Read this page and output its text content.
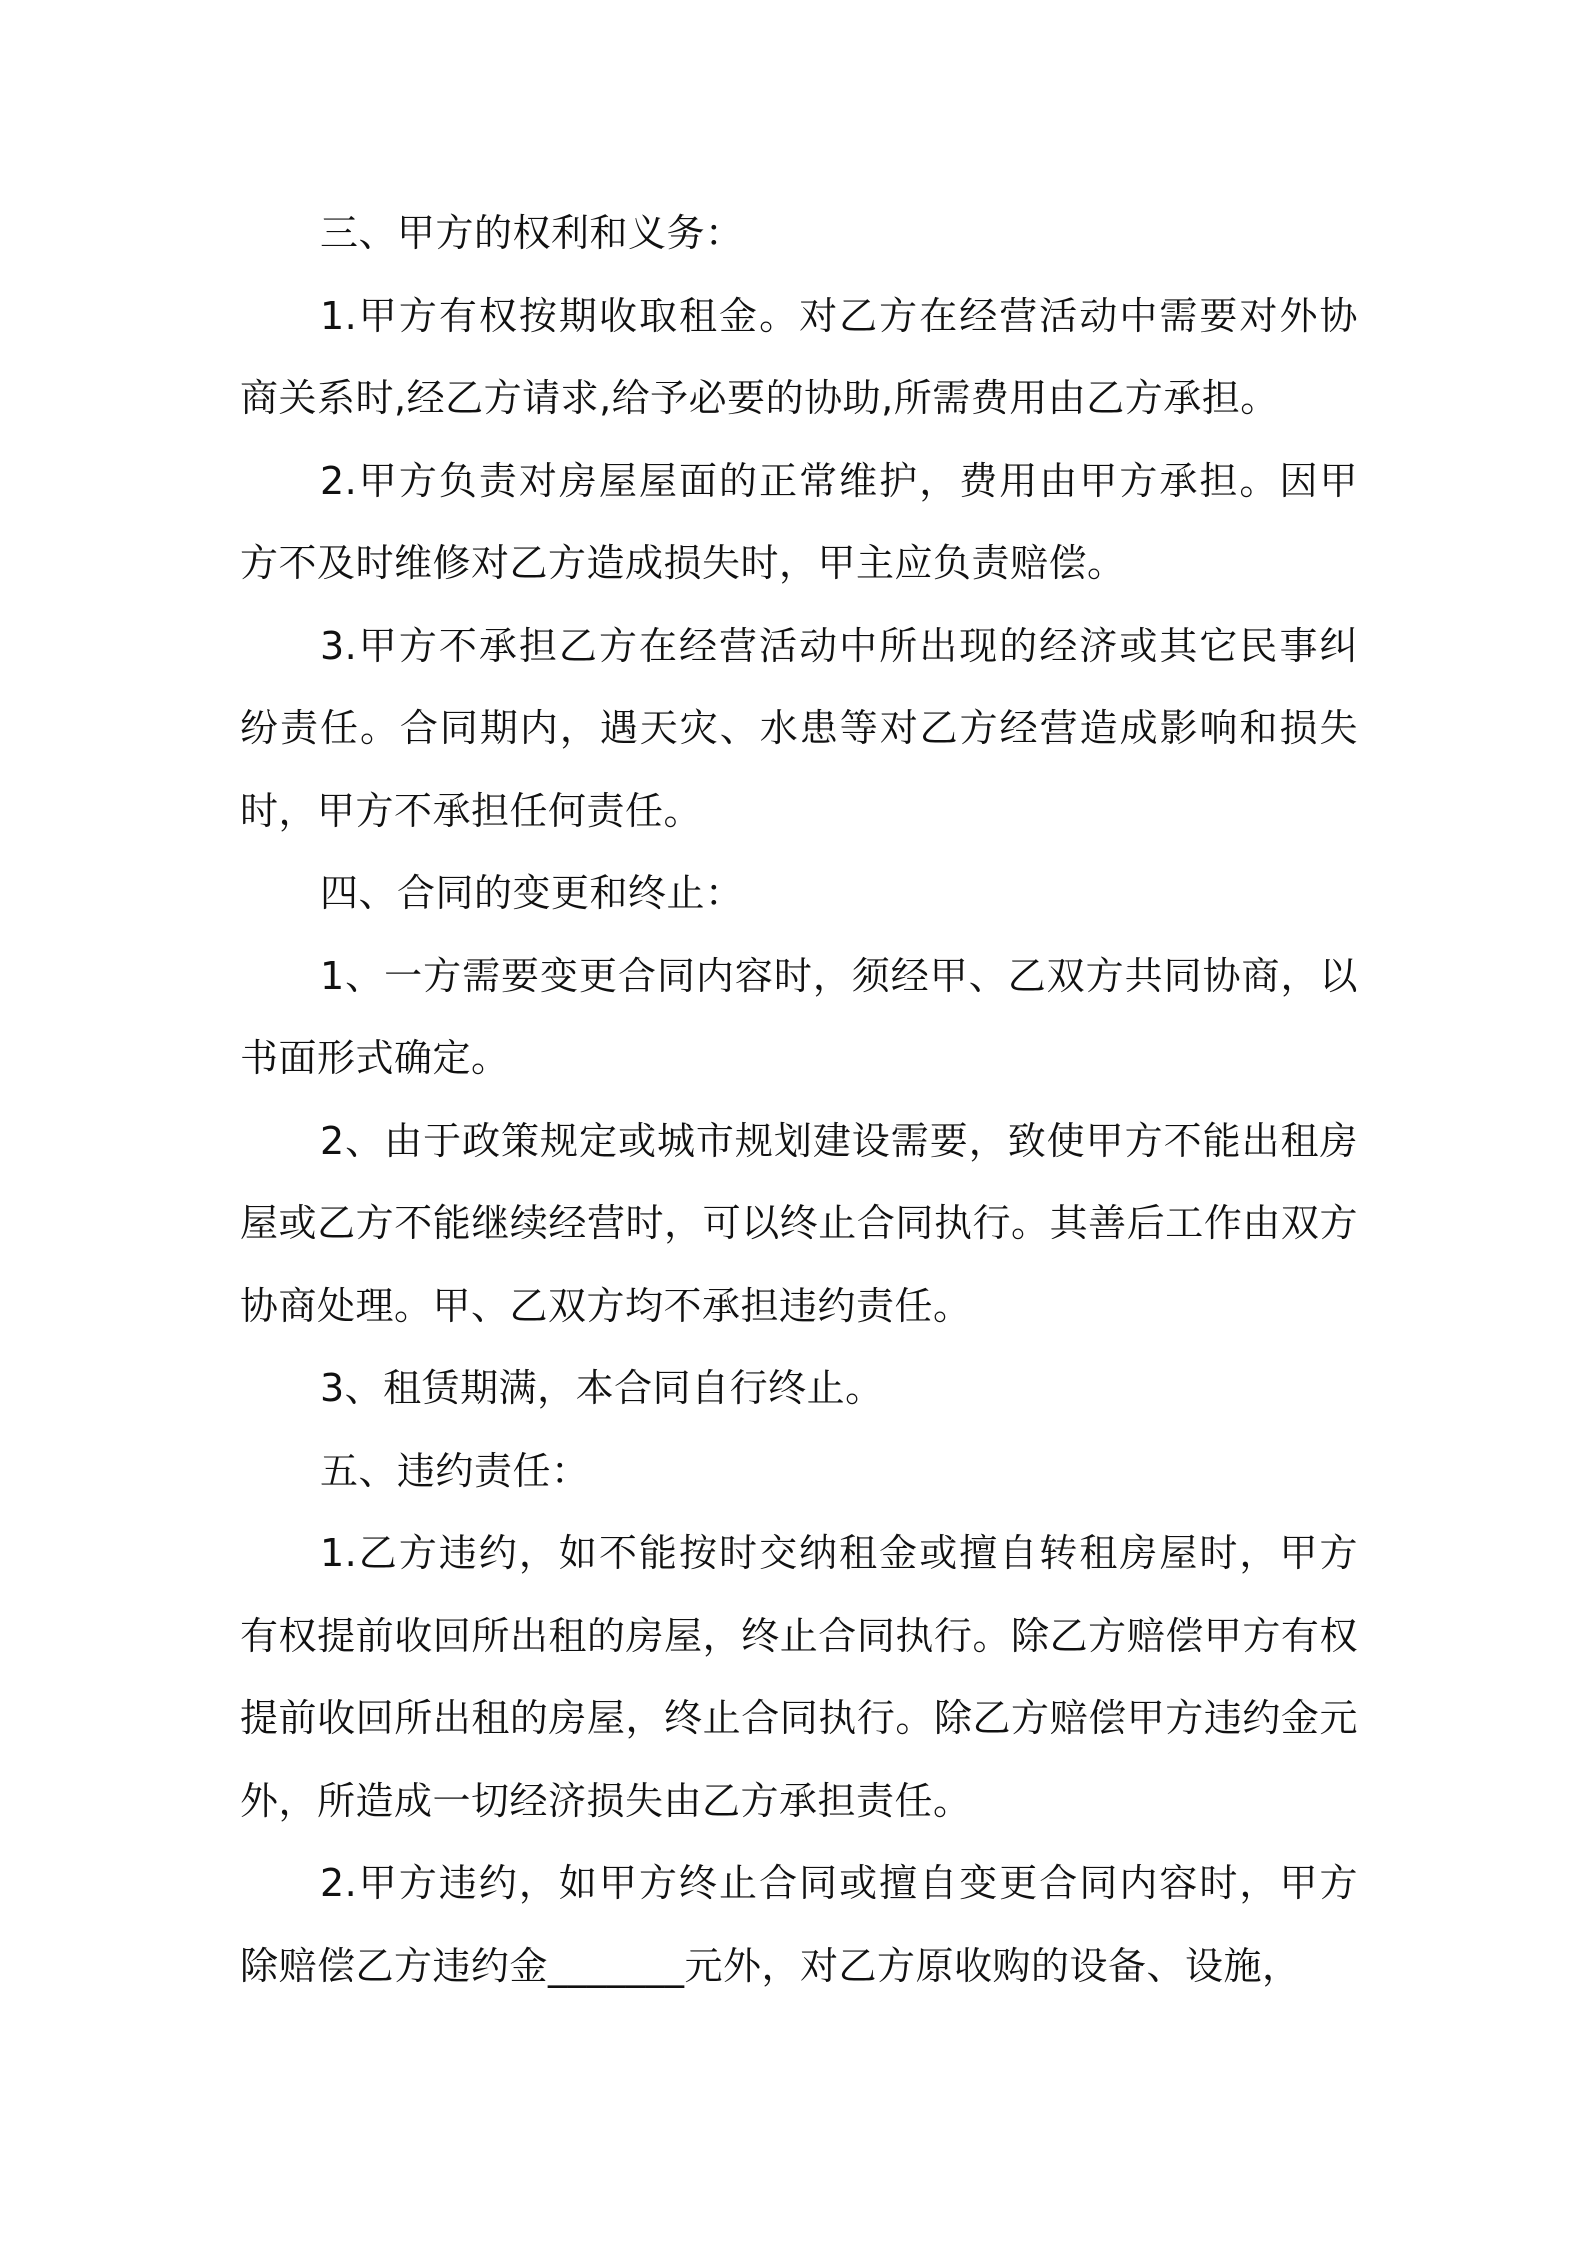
三、甲方的权利和义务：

1.甲方有权按期收取租金。对乙方在经营活动中需要对外协商关系时,经乙方请求,给予必要的协助,所需费用由乙方承担。

2.甲方负责对房屋屋面的正常维护，费用由甲方承担。因甲方不及时维修对乙方造成损失时，甲主应负责赔偿。

3.甲方不承担乙方在经营活动中所出现的经济或其它民事纠纷责任。合同期内，遇天灾、水患等对乙方经营造成影响和损失时，甲方不承担任何责任。

四、合同的变更和终止：

1、一方需要变更合同内容时，须经甲、乙双方共同协商，以书面形式确定。

2、由于政策规定或城市规划建设需要，致使甲方不能出租房屋或乙方不能继续经营时，可以终止合同执行。其善后工作由双方协商处理。甲、乙双方均不承担违约责任。

3、租赁期满，本合同自行终止。

五、违约责任：

1.乙方违约，如不能按时交纳租金或擅自转租房屋时，甲方有权提前收回所出租的房屋，终止合同执行。除乙方赔偿甲方有权提前收回所出租的房屋，终止合同执行。除乙方赔偿甲方违约金元外，所造成一切经济损失由乙方承担责任。

2.甲方违约，如甲方终止合同或擅自变更合同内容时，甲方除赔偿乙方违约金_______元外，对乙方原收购的设备、设施，
